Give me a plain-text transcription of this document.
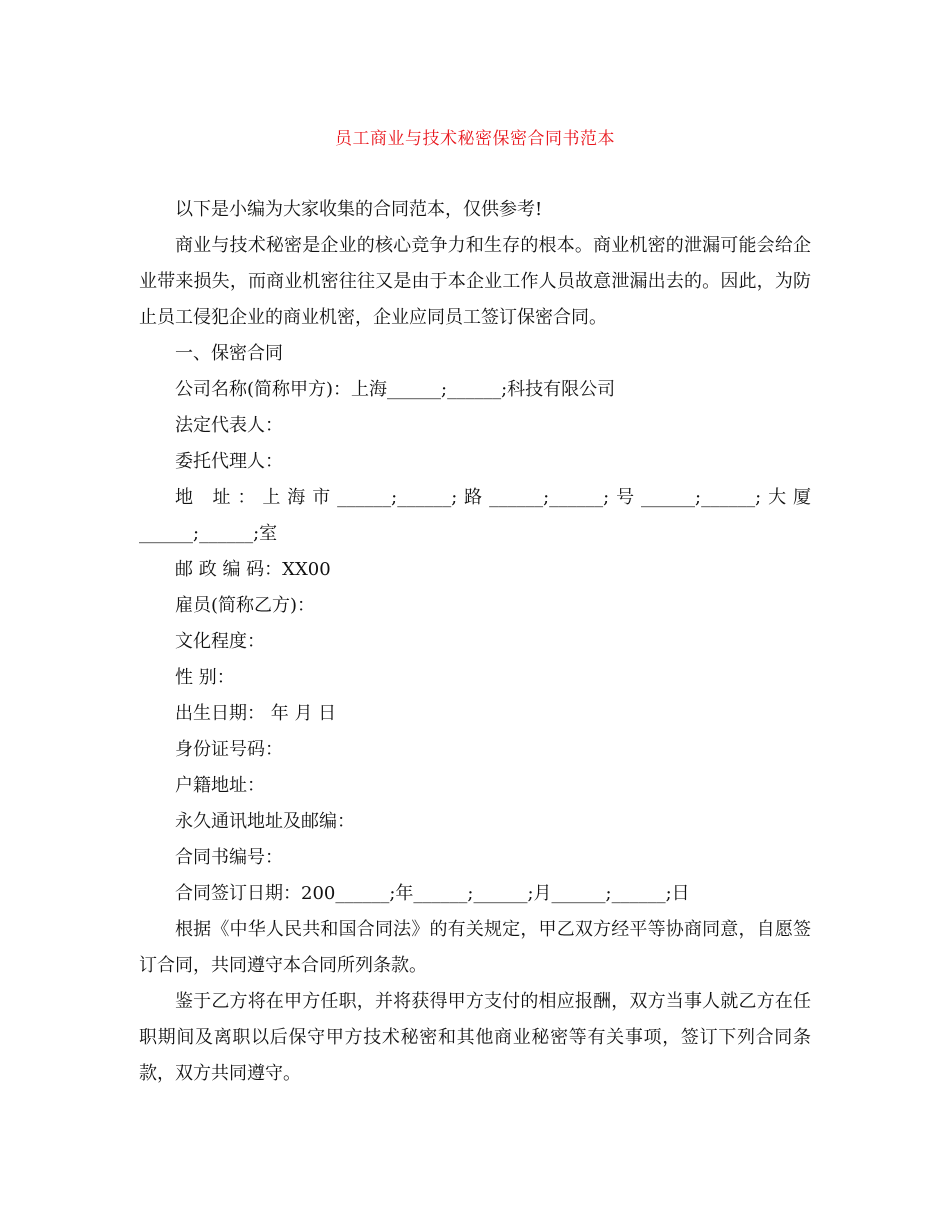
员工商业与技术秘密保密合同书范本

以下是小编为大家收集的合同范本，仅供参考!

商业与技术秘密是企业的核心竞争力和生存的根本。商业机密的泄漏可能会给企业带来损失，而商业机密往往又是由于本企业工作人员故意泄漏出去的。因此，为防止员工侵犯企业的商业机密，企业应同员工签订保密合同。

一、保密合同

公司名称(简称甲方)：上海______;______;科技有限公司

法定代表人：

委托代理人：

地 址：上海市______;______;路______;______;号______;______;大厦______;______;室

邮 政 编 码：XX00

雇员(简称乙方)：

文化程度：

性 别：

出生日期： 年 月 日

身份证号码：

户籍地址：

永久通讯地址及邮编：

合同书编号：

合同签订日期：200______;年______;______;月______;______;日

根据《中华人民共和国合同法》的有关规定，甲乙双方经平等协商同意，自愿签订合同，共同遵守本合同所列条款。

鉴于乙方将在甲方任职，并将获得甲方支付的相应报酬，双方当事人就乙方在任职期间及离职以后保守甲方技术秘密和其他商业秘密等有关事项，签订下列合同条款，双方共同遵守。
